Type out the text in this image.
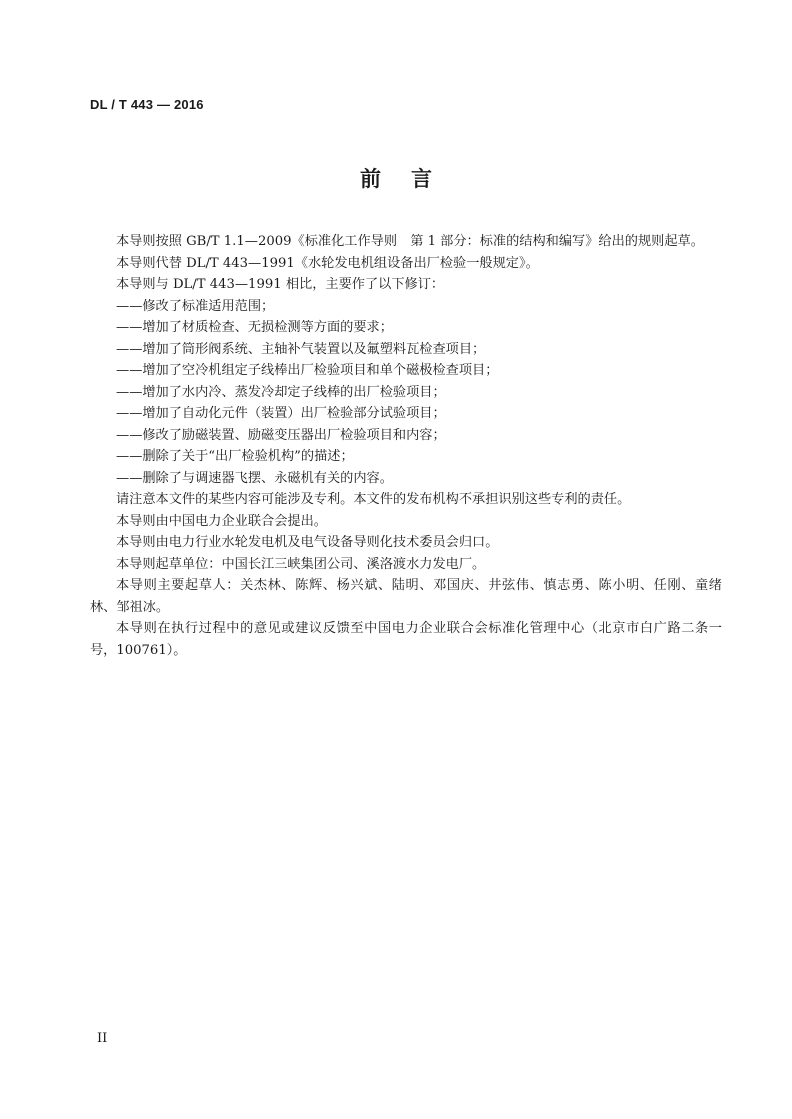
DL / T 443 — 2016
前言

本导则按照 GB/T 1.1—2009《标准化工作导则　第 1 部分：标准的结构和编写》给出的规则起草。

本导则代替 DL/T 443—1991《水轮发电机组设备出厂检验一般规定》。

本导则与 DL/T 443—1991 相比，主要作了以下修订：

——修改了标准适用范围；

——增加了材质检查、无损检测等方面的要求；

——增加了筒形阀系统、主轴补气装置以及氟塑料瓦检查项目；

——增加了空冷机组定子线棒出厂检验项目和单个磁极检查项目；

——增加了水内冷、蒸发冷却定子线棒的出厂检验项目；

——增加了自动化元件（装置）出厂检验部分试验项目；

——修改了励磁装置、励磁变压器出厂检验项目和内容；

——删除了关于“出厂检验机构”的描述；

——删除了与调速器飞摆、永磁机有关的内容。

请注意本文件的某些内容可能涉及专利。本文件的发布机构不承担识别这些专利的责任。

本导则由中国电力企业联合会提出。

本导则由电力行业水轮发电机及电气设备导则化技术委员会归口。

本导则起草单位：中国长江三峡集团公司、溪洛渡水力发电厂。

本导则主要起草人：关杰林、陈辉、杨兴斌、陆明、邓国庆、井弦伟、慎志勇、陈小明、任刚、童绪林、邹祖冰。

本导则在执行过程中的意见或建议反馈至中国电力企业联合会标准化管理中心（北京市白广路二条一号，100761）。

II
